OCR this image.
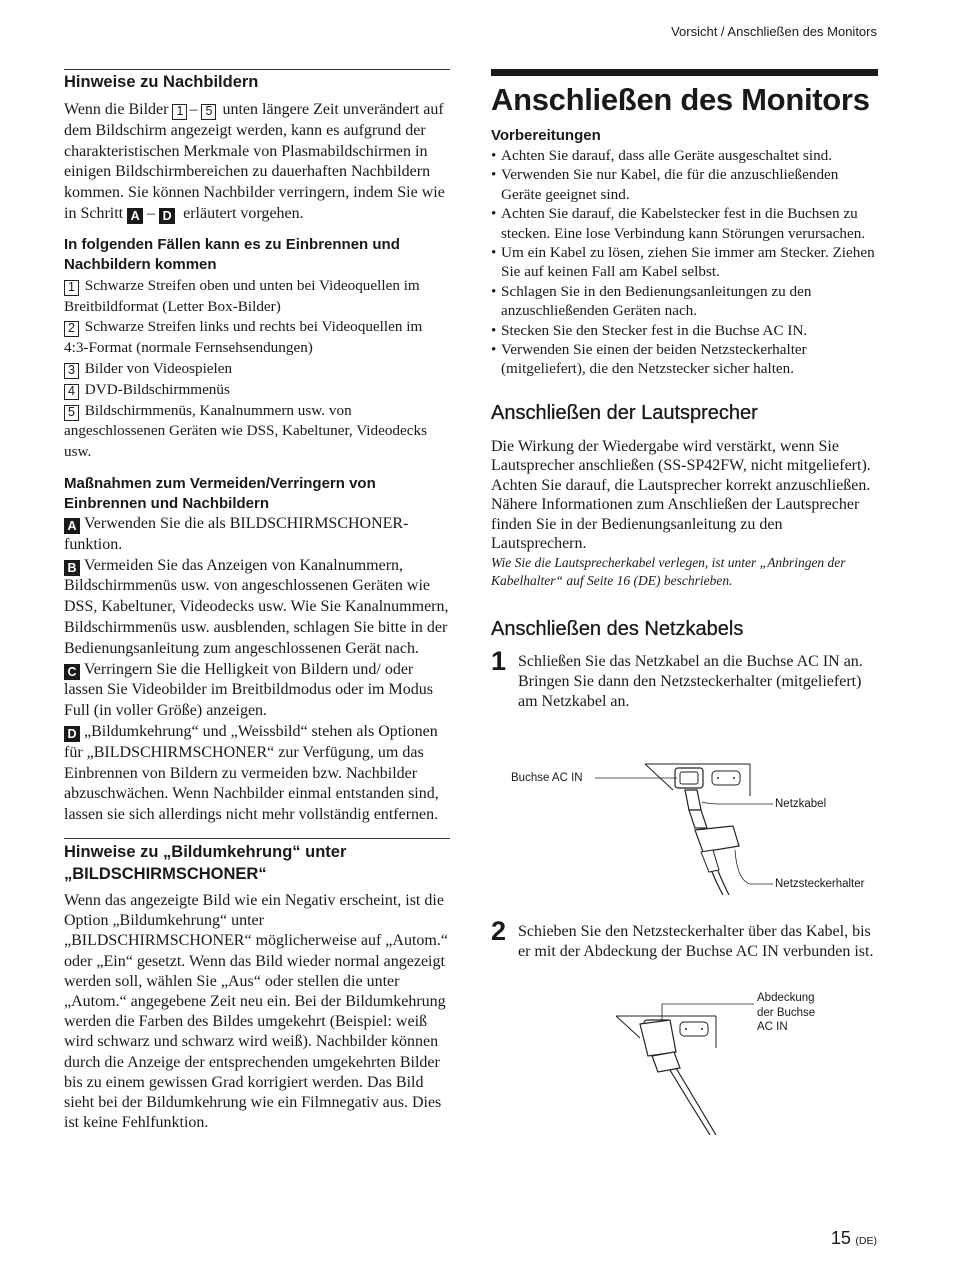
Vorsicht / Anschließen des Monitors
Hinweise zu Nachbildern

Wenn die Bilder 1 – 5 unten längere Zeit unverändert auf dem Bildschirm angezeigt werden, kann es aufgrund der charakteristischen Merkmale von Plasmabildschirmen in einigen Bildschirmbereichen zu dauerhaften Nachbildern kommen. Sie können Nachbilder verringern, indem Sie wie in Schritt A – D erläutert vorgehen.

In folgenden Fällen kann es zu Einbrennen und Nachbildern kommen
1 Schwarze Streifen oben und unten bei Videoquellen im Breitbildformat (Letter Box-Bilder)
2 Schwarze Streifen links und rechts bei Videoquellen im 4:3-Format (normale Fernsehsendungen)
3 Bilder von Videospielen
4 DVD-Bildschirmmenüs
5 Bildschirmmenüs, Kanalnummern usw. von angeschlossenen Geräten wie DSS, Kabeltuner, Videodecks usw.
Maßnahmen zum Vermeiden/Verringern von Einbrennen und Nachbildern

A Verwenden Sie die als BILDSCHIRMSCHONER-funktion.

B Vermeiden Sie das Anzeigen von Kanalnummern, Bildschirmmenüs usw. von angeschlossenen Geräten wie DSS, Kabeltuner, Videodecks usw. Wie Sie Kanalnummern, Bildschirmmenüs usw. ausblenden, schlagen Sie bitte in der Bedienungsanleitung zum angeschlossenen Gerät nach.

C Verringern Sie die Helligkeit von Bildern und/ oder lassen Sie Videobilder im Breitbildmodus oder im Modus Full (in voller Größe) anzeigen.

D „Bildumkehrung“ und „Weissbild“ stehen als Optionen für „BILDSCHIRMSCHONER“ zur Verfügung, um das Einbrennen von Bildern zu vermeiden bzw. Nachbilder abzuschwächen. Wenn Nachbilder einmal entstanden sind, lassen sie sich allerdings nicht mehr vollständig entfernen.

Hinweise zu „Bildumkehrung“ unter „BILDSCHIRMSCHONER“

Wenn das angezeigte Bild wie ein Negativ erscheint, ist die Option „Bildumkehrung“ unter „BILDSCHIRMSCHONER“ möglicherweise auf „Autom.“ oder „Ein“ gesetzt. Wenn das Bild wieder normal angezeigt werden soll, wählen Sie „Aus“ oder stellen die unter „Autom.“ angegebene Zeit neu ein. Bei der Bildumkehrung werden die Farben des Bildes umgekehrt (Beispiel: weiß wird schwarz und schwarz wird weiß). Nachbilder können durch die Anzeige der entsprechenden umgekehrten Bilder bis zu einem gewissen Grad korrigiert werden. Das Bild sieht bei der Bildumkehrung wie ein Filmnegativ aus. Dies ist keine Fehlfunktion.

Anschließen des Monitors
Vorbereitungen
• Achten Sie darauf, dass alle Geräte ausgeschaltet sind.
• Verwenden Sie nur Kabel, die für die anzuschließenden Geräte geeignet sind.
• Achten Sie darauf, die Kabelstecker fest in die Buchsen zu stecken. Eine lose Verbindung kann Störungen verursachen.
• Um ein Kabel zu lösen, ziehen Sie immer am Stecker. Ziehen Sie auf keinen Fall am Kabel selbst.
• Schlagen Sie in den Bedienungsanleitungen zu den anzuschließenden Geräten nach.
• Stecken Sie den Stecker fest in die Buchse AC IN.
• Verwenden Sie einen der beiden Netzsteckerhalter (mitgeliefert), die den Netzstecker sicher halten.
Anschließen der Lautsprecher

Die Wirkung der Wiedergabe wird verstärkt, wenn Sie Lautsprecher anschließen (SS-SP42FW, nicht mitgeliefert). Achten Sie darauf, die Lautsprecher korrekt anzuschließen. Nähere Informationen zum Anschließen der Lautsprecher finden Sie in der Bedienungsanleitung zu den Lautsprechern.

Wie Sie die Lautsprecherkabel verlegen, ist unter „Anbringen der Kabelhalter“ auf Seite 16 (DE) beschrieben.

Anschließen des Netzkabels
1 Schließen Sie das Netzkabel an die Buchse AC IN an. Bringen Sie dann den Netzsteckerhalter (mitgeliefert) am Netzkabel an.

Buchse AC IN
Netzkabel
Netzsteckerhalter
2 Schieben Sie den Netzsteckerhalter über das Kabel, bis er mit der Abdeckung der Buchse AC IN verbunden ist.

Abdeckung
der Buchse
AC IN
15 (DE)
